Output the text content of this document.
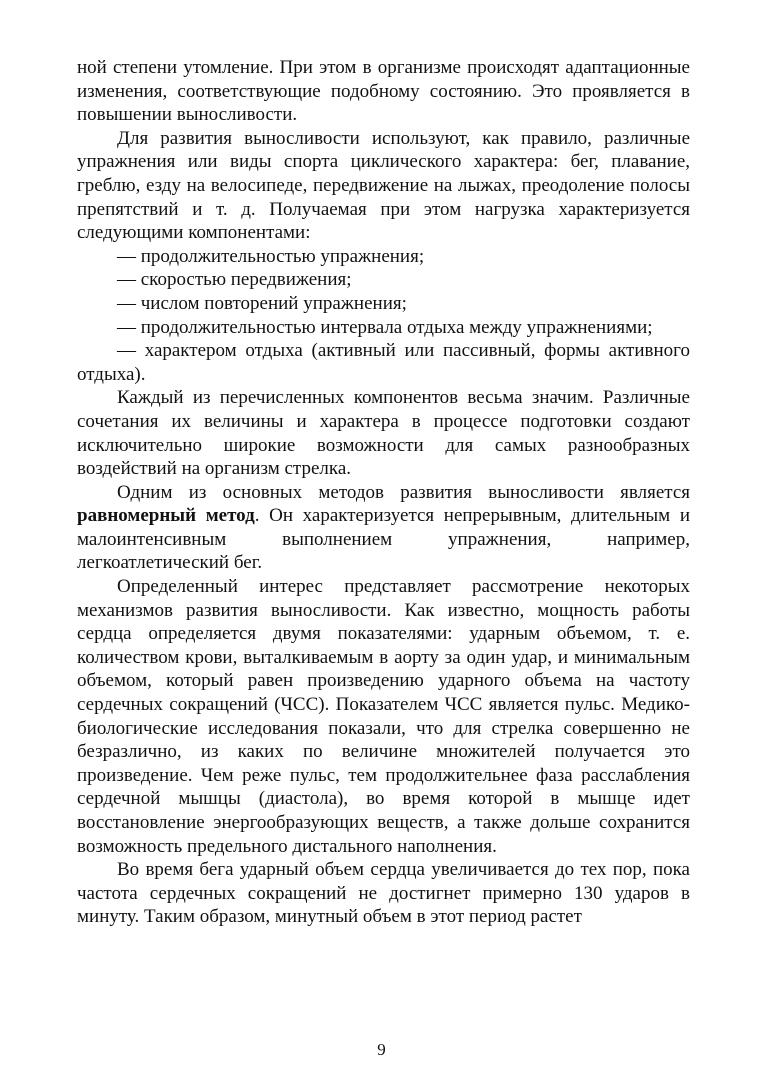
ной степени утомление. При этом в организме происходят адаптационные изменения, соответствующие подобному состоянию. Это проявляется в повышении выносливости.

Для развития выносливости используют, как правило, различные упражнения или виды спорта циклического характера: бег, плавание, греблю, езду на велосипеде, передвижение на лыжах, преодоление полосы препятствий и т. д. Получаемая при этом нагрузка характеризуется следующими компонентами:

— продолжительностью упражнения;

— скоростью передвижения;

— числом повторений упражнения;

— продолжительностью интервала отдыха между упражнениями;

— характером отдыха (активный или пассивный, формы активного отдыха).

Каждый из перечисленных компонентов весьма значим. Различные сочетания их величины и характера в процессе подготовки создают исключительно широкие возможности для самых разнообразных воздействий на организм стрелка.

Одним из основных методов развития выносливости является равномерный метод. Он характеризуется непрерывным, длительным и малоинтенсивным выполнением упражнения, например, легкоатлетический бег.

Определенный интерес представляет рассмотрение некоторых механизмов развития выносливости. Как известно, мощность работы сердца определяется двумя показателями: ударным объемом, т. е. количеством крови, выталкиваемым в аорту за один удар, и минимальным объемом, который равен произведению ударного объема на частоту сердечных сокращений (ЧСС). Показателем ЧСС является пульс. Медико-биологические исследования показали, что для стрелка совершенно не безразлично, из каких по величине множителей получается это произведение. Чем реже пульс, тем продолжительнее фаза расслабления сердечной мышцы (диастола), во время которой в мышце идет восстановление энергообразующих веществ, а также дольше сохранится возможность предельного дистального наполнения.

Во время бега ударный объем сердца увеличивается до тех пор, пока частота сердечных сокращений не достигнет примерно 130 ударов в минуту. Таким образом, минутный объем в этот период растет

9
